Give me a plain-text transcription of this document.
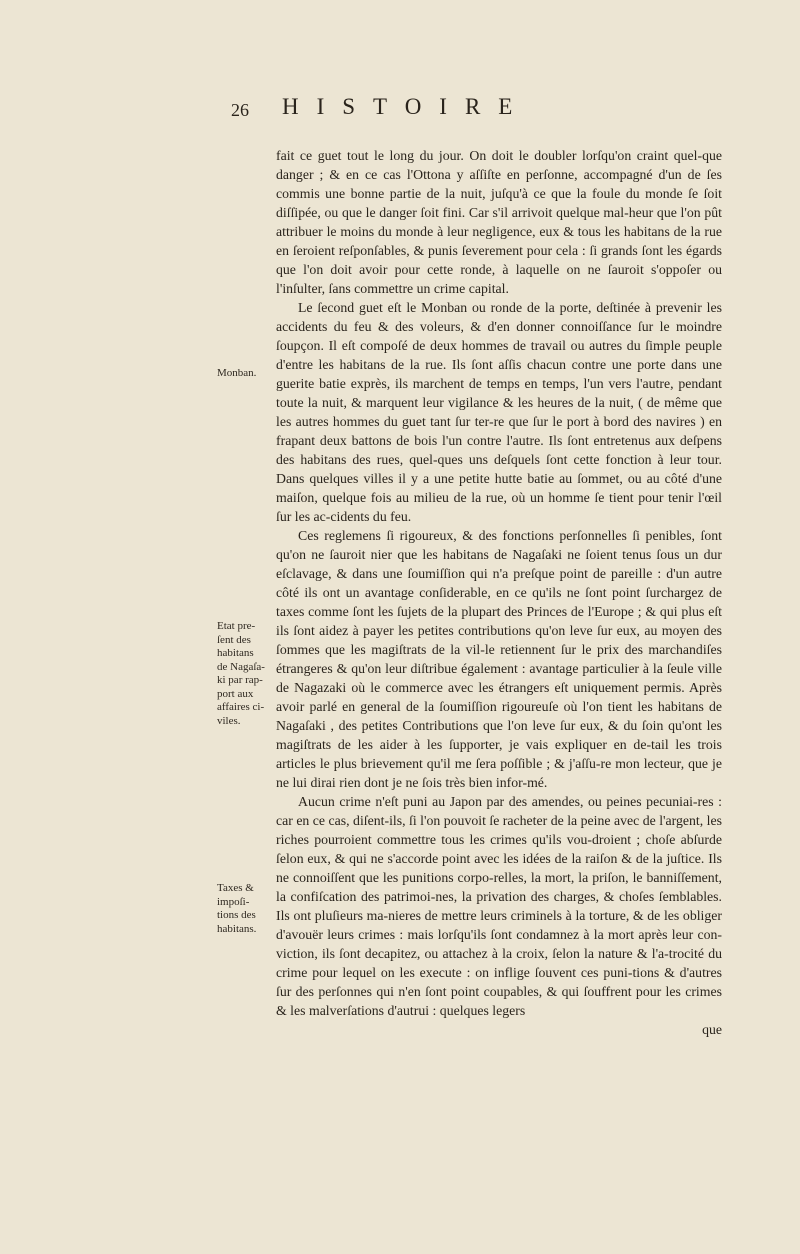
26 HISTOIRE
Monban.
Etat pre-
ſent des
habitans
de Nagaſa-
ki par rap-
port aux
affaires ci-
viles.
Taxes &
impoſi-
tions des
habitans.

fait ce guet tout le long du jour. On doit le doubler lorſqu'on craint quel-que danger ; & en ce cas l'Ottona y aſſiſte en perſonne, accompagné d'un de ſes commis une bonne partie de la nuit, juſqu'à ce que la foule du monde ſe ſoit diſſipée, ou que le danger ſoit fini. Car s'il arrivoit quelque mal-heur que l'on pût attribuer le moins du monde à leur negligence, eux & tous les habitans de la rue en ſeroient reſponſables, & punis ſeverement pour cela : ſi grands ſont les égards que l'on doit avoir pour cette ronde, à laquelle on ne ſauroit s'oppoſer ou l'inſulter, ſans commettre un crime capital.

Le ſecond guet eſt le Monban ou ronde de la porte, deſtinée à prevenir les accidents du feu & des voleurs, & d'en donner connoiſſance ſur le moindre ſoupçon. Il eſt compoſé de deux hommes de travail ou autres du ſimple peuple d'entre les habitans de la rue. Ils ſont aſſis chacun contre une porte dans une guerite batie exprès, ils marchent de temps en temps, l'un vers l'autre, pendant toute la nuit, & marquent leur vigilance & les heures de la nuit, ( de même que les autres hommes du guet tant ſur ter-re que ſur le port à bord des navires ) en frapant deux battons de bois l'un contre l'autre. Ils ſont entretenus aux deſpens des habitans des rues, quel-ques uns deſquels ſont cette fonction à leur tour. Dans quelques villes il y a une petite hutte batie au ſommet, ou au côté d'une maiſon, quelque fois au milieu de la rue, où un homme ſe tient pour tenir l'œil ſur les ac-cidents du feu.

Ces reglemens ſi rigoureux, & des fonctions perſonnelles ſi penibles, ſont qu'on ne ſauroit nier que les habitans de Nagaſaki ne ſoient tenus ſous un dur eſclavage, & dans une ſoumiſſion qui n'a preſque point de pareille : d'un autre côté ils ont un avantage conſiderable, en ce qu'ils ne ſont point ſurchargez de taxes comme ſont les ſujets de la plupart des Princes de l'Europe ; & qui plus eſt ils ſont aidez à payer les petites contributions qu'on leve ſur eux, au moyen des ſommes que les magiſtrats de la vil-le retiennent ſur le prix des marchandiſes étrangeres & qu'on leur diſtribue également : avantage particulier à la ſeule ville de Nagazaki où le commerce avec les étrangers eſt uniquement permis. Après avoir parlé en general de la ſoumiſſion rigoureuſe où l'on tient les habitans de Nagaſaki , des petites Contributions que l'on leve ſur eux, & du ſoin qu'ont les magiſtrats de les aider à les ſupporter, je vais expliquer en de-tail les trois articles le plus brievement qu'il me ſera poſſible ; & j'aſſu-re mon lecteur, que je ne lui dirai rien dont je ne ſois très bien infor-mé.

Aucun crime n'eſt puni au Japon par des amendes, ou peines pecuniai-res : car en ce cas, diſent-ils, ſi l'on pouvoit ſe racheter de la peine avec de l'argent, les riches pourroient commettre tous les crimes qu'ils vou-droient ; choſe abſurde ſelon eux, & qui ne s'accorde point avec les idées de la raiſon & de la juſtice. Ils ne connoiſſent que les punitions corpo-relles, la mort, la priſon, le banniſſement, la confiſcation des patrimoi-nes, la privation des charges, & choſes ſemblables. Ils ont pluſieurs ma-nieres de mettre leurs criminels à la torture, & de les obliger d'avouër leurs crimes : mais lorſqu'ils ſont condamnez à la mort après leur con-viction, ils ſont decapitez, ou attachez à la croix, ſelon la nature & l'a-trocité du crime pour lequel on les execute : on inflige ſouvent ces puni-tions & d'autres ſur des perſonnes qui n'en ſont point coupables, & qui ſouffrent pour les crimes & les malverſations d'autrui : quelques legers

que
